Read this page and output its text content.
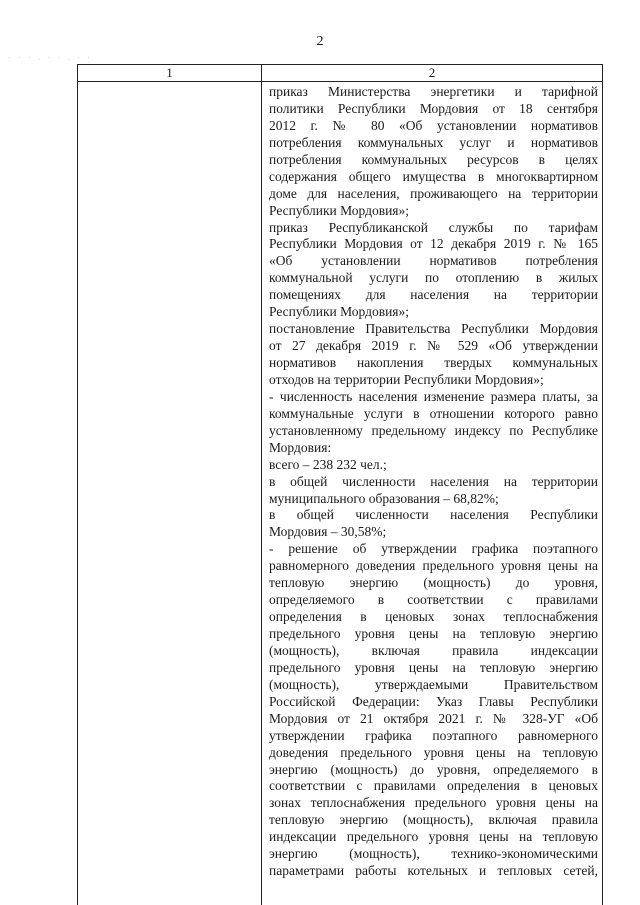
2
· · · . · · . · ·
1	2
приказ Министерства энергетики и тарифной
политики Республики Мордовия от 18 сентября
2012 г. № 80 «Об установлении нормативов
потребления коммунальных услуг и нормативов
потребления коммунальных ресурсов в целях
содержания общего имущества в многоквартирном
доме для населения, проживающего на территории
Республики Мордовия»;
приказ Республиканской службы по тарифам
Республики Мордовия от 12 декабря 2019 г. № 165
«Об установлении нормативов потребления
коммунальной услуги по отоплению в жилых
помещениях для населения на территории
Республики Мордовия»;
постановление Правительства Республики Мордовия
от 27 декабря 2019 г. № 529 «Об утверждении
нормативов накопления твердых коммунальных
отходов на территории Республики Мордовия»;
- численность населения изменение размера платы, за
коммунальные услуги в отношении которого равно
установленному предельному индексу по Республике
Мордовия:
всего – 238 232 чел.;
в общей численности населения на территории
муниципального образования – 68,82%;
в общей численности населения Республики
Мордовия – 30,58%;
- решение об утверждении графика поэтапного
равномерного доведения предельного уровня цены на
тепловую энергию (мощность) до уровня,
определяемого в соответствии с правилами
определения в ценовых зонах теплоснабжения
предельного уровня цены на тепловую энергию
(мощность), включая правила индексации
предельного уровня цены на тепловую энергию
(мощность), утверждаемыми Правительством
Российской Федерации: Указ Главы Республики
Мордовия от 21 октября 2021 г. № 328-УГ «Об
утверждении графика поэтапного равномерного
доведения предельного уровня цены на тепловую
энергию (мощность) до уровня, определяемого в
соответствии с правилами определения в ценовых
зонах теплоснабжения предельного уровня цены на
тепловую энергию (мощность), включая правила
индексации предельного уровня цены на тепловую
энергию (мощность), технико-экономическими
параметрами работы котельных и тепловых сетей,
